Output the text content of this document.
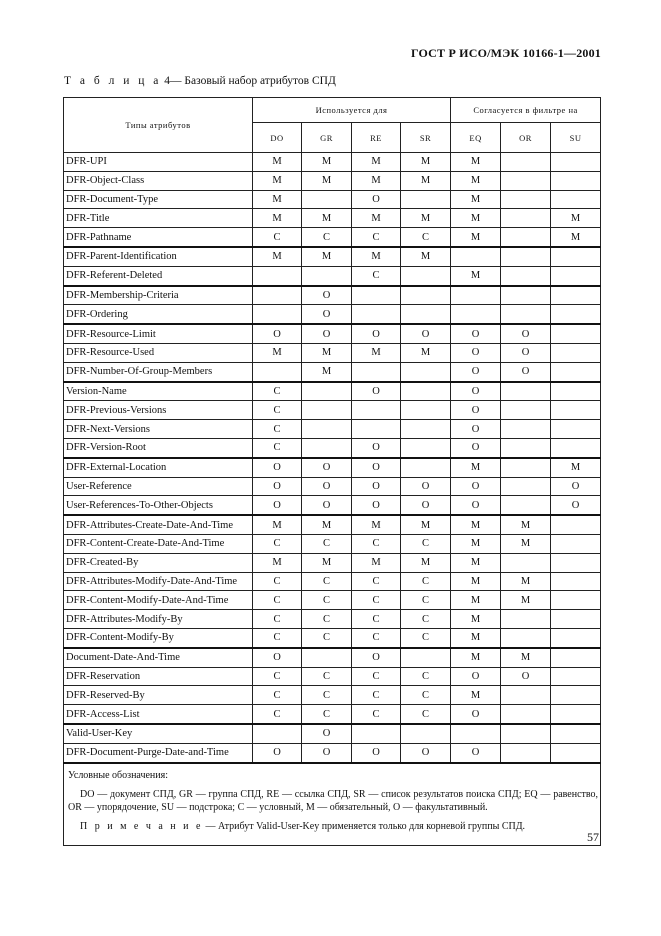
ГОСТ Р ИСО/МЭК 10166-1—2001
Т а б л и ц а 4— Базовый набор атрибутов СПД
Типы атрибутов	Используется для				Согласуется в фильтре на		
	DO	GR	RE	SR	EQ	OR	SU
DFR-UPI	M	M	M	M	M		
DFR-Object-Class	M	M	M	M	M		
DFR-Document-Type	M		O		M		
DFR-Title	M	M	M	M	M		M
DFR-Pathname	C	C	C	C	M		M
DFR-Parent-Identification	M	M	M	M			
DFR-Referent-Deleted			C		M		
DFR-Membership-Criteria		O					
DFR-Ordering		O					
DFR-Resource-Limit	O	O	O	O	O	O	
DFR-Resource-Used	M	M	M	M	O	O	
DFR-Number-Of-Group-Members		M			O	O	
Version-Name	C		O		O		
DFR-Previous-Versions	C				O		
DFR-Next-Versions	C				O		
DFR-Version-Root	C		O		O		
DFR-External-Location	O	O	O		M		M
User-Reference	O	O	O	O	O		O
User-References-To-Other-Objects	O	O	O	O	O		O
DFR-Attributes-Create-Date-And-Time	M	M	M	M	M	M	
DFR-Content-Create-Date-And-Time	C	C	C	C	M	M	
DFR-Created-By	M	M	M	M	M		
DFR-Attributes-Modify-Date-And-Time	C	C	C	C	M	M	
DFR-Content-Modify-Date-And-Time	C	C	C	C	M	M	
DFR-Attributes-Modify-By	C	C	C	C	M		
DFR-Content-Modify-By	C	C	C	C	M		
Document-Date-And-Time	O		O		M	M	
DFR-Reservation	C	C	C	C	O	O	
DFR-Reserved-By	C	C	C	C	M		
DFR-Access-List	C	C	C	C	O		
Valid-User-Key		O					
DFR-Document-Purge-Date-and-Time	O	O	O	O	O		

Условные обозначения:

DO — документ СПД, GR — группа СПД, RE — ссылка СПД, SR — список результатов поиска СПД; EQ — равенство, OR — упорядочение, SU — подстрока; C — условный, M — обязательный, O — факультативный.

П р и м е ч а н и е — Атрибут Valid-User-Key применяется только для корневой группы СПД.							

57
